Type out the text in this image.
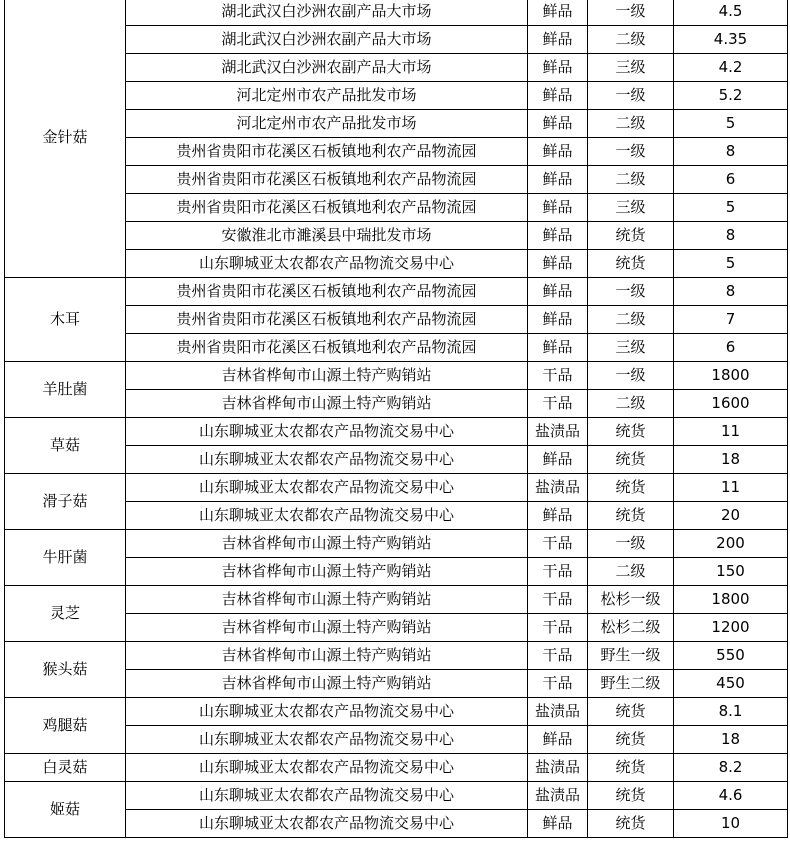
金针菇	湖北武汉白沙洲农副产品大市场	鲜品	一级	4.5
	湖北武汉白沙洲农副产品大市场	鲜品	二级	4.35
	湖北武汉白沙洲农副产品大市场	鲜品	三级	4.2
	河北定州市农产品批发市场	鲜品	一级	5.2
	河北定州市农产品批发市场	鲜品	二级	5
	贵州省贵阳市花溪区石板镇地利农产品物流园	鲜品	一级	8
	贵州省贵阳市花溪区石板镇地利农产品物流园	鲜品	二级	6
	贵州省贵阳市花溪区石板镇地利农产品物流园	鲜品	三级	5
	安徽淮北市濉溪县中瑞批发市场	鲜品	统货	8
	山东聊城亚太农都农产品物流交易中心	鲜品	统货	5
木耳	贵州省贵阳市花溪区石板镇地利农产品物流园	鲜品	一级	8
	贵州省贵阳市花溪区石板镇地利农产品物流园	鲜品	二级	7
	贵州省贵阳市花溪区石板镇地利农产品物流园	鲜品	三级	6
羊肚菌	吉林省桦甸市山源土特产购销站	干品	一级	1800
	吉林省桦甸市山源土特产购销站	干品	二级	1600
草菇	山东聊城亚太农都农产品物流交易中心	盐渍品	统货	11
	山东聊城亚太农都农产品物流交易中心	鲜品	统货	18
滑子菇	山东聊城亚太农都农产品物流交易中心	盐渍品	统货	11
	山东聊城亚太农都农产品物流交易中心	鲜品	统货	20
牛肝菌	吉林省桦甸市山源土特产购销站	干品	一级	200
	吉林省桦甸市山源土特产购销站	干品	二级	150
灵芝	吉林省桦甸市山源土特产购销站	干品	松杉一级	1800
	吉林省桦甸市山源土特产购销站	干品	松杉二级	1200
猴头菇	吉林省桦甸市山源土特产购销站	干品	野生一级	550
	吉林省桦甸市山源土特产购销站	干品	野生二级	450
鸡腿菇	山东聊城亚太农都农产品物流交易中心	盐渍品	统货	8.1
	山东聊城亚太农都农产品物流交易中心	鲜品	统货	18
白灵菇	山东聊城亚太农都农产品物流交易中心	盐渍品	统货	8.2
姬菇	山东聊城亚太农都农产品物流交易中心	盐渍品	统货	4.6
	山东聊城亚太农都农产品物流交易中心	鲜品	统货	10
